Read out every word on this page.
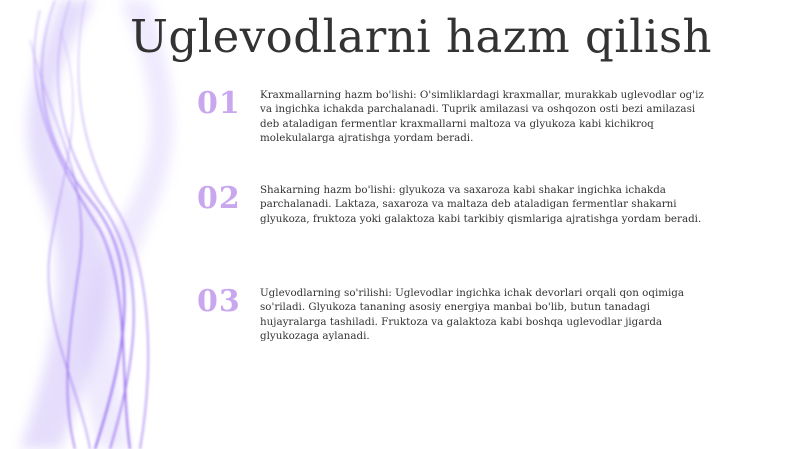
Uglevodlarni hazm qilish
01 Kraxmallarning hazm bo'lishi: O'simliklardagi kraxmallar, murakkab uglevodlar og'iz va ingichka ichakda parchalanadi. Tuprik amilazasi va oshqozon osti bezi amilazasi deb ataladigan fermentlar kraxmallarni maltoza va glyukoza kabi kichikroq molekulalarga ajratishga yordam beradi.

02 Shakarning hazm bo'lishi: glyukoza va saxaroza kabi shakar ingichka ichakda parchalanadi. Laktaza, saxaroza va maltaza deb ataladigan fermentlar shakarni glyukoza, fruktoza yoki galaktoza kabi tarkibiy qismlariga ajratishga yordam beradi.

03 Uglevodlarning so'rilishi: Uglevodlar ingichka ichak devorlari orqali qon oqimiga so'riladi. Glyukoza tananing asosiy energiya manbai bo'lib, butun tanadagi hujayralarga tashiladi. Fruktoza va galaktoza kabi boshqa uglevodlar jigarda glyukozaga aylanadi.
